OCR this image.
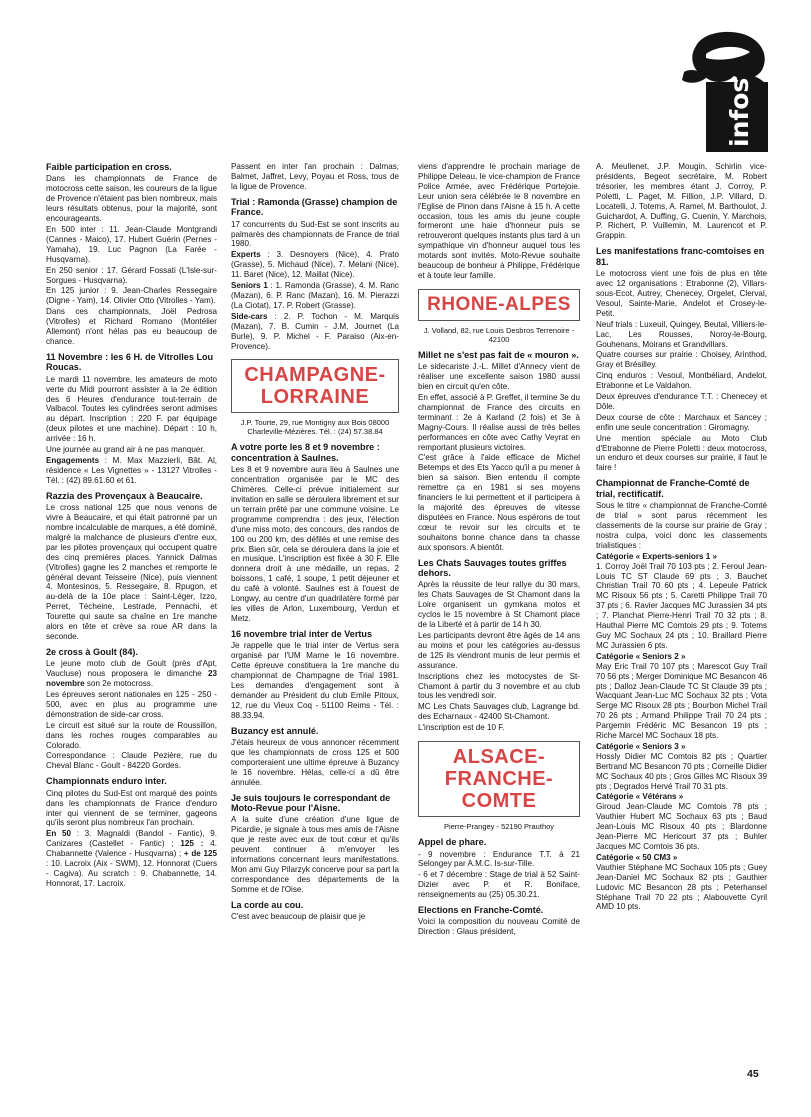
infos
Faible participation en cross.

Dans les championnats de France de motocross cette saison, les coureurs de la ligue de Provence n'étaient pas bien nombreux, mais leurs résultats obtenus, pour la majorité, sont encourageants.

En 500 inter : 11. Jean-Claude Montgrandi (Cannes - Maico), 17. Hubert Guérin (Pernes - Yamaha), 19. Luc Pagnon (La Farée - Husqvarna).

En 250 senior : 17. Gérard Fossati (L'Isle-sur-Sorgues - Husqvarna).

En 125 junior : 9. Jean-Charles Ressegaire (Digne - Yam), 14. Olivier Otto (Vitrolles - Yam).

Dans ces championnats, Joël Pedrosa (Vitrolles) et Richard Romano (Montélier Allemont) n'ont hélas pas eu beaucoup de chance.

11 Novembre : les 6 H. de Vitrolles Lou Roucas.

Le mardi 11 novembre, les amateurs de moto verte du Midi pourront assister à la 2e édition des 6 Heures d'endurance tout-terrain de Valbacol. Toutes les cylindrées seront admises au départ. Inscription : 220 F. par équipage (deux pilotes et une machine). Départ : 10 h, arrivée : 16 h.

Une journée au grand air à ne pas manquer.

Engagements : M. Max Mazzierli, Bât. Al, résidence « Les Vignettes » - 13127 Vitrolles - Tél. : (42) 89.61.60 et 61.

Razzia des Provençaux à Beaucaire.

Le cross national 125 que nous venons de vivre à Beaucaire, et qui était patronné par un nombre incalculable de marques, a été dominé, malgré la malchance de plusieurs d'entre eux, par les pilotes provençaux qui occupent quatre des cinq premières places. Yannick Dalmas (Vitrolles) gagne les 2 manches et remporte le général devant Teisseire (Nice), puis viennent 4. Montesinos, 5. Ressegaire, 8. Rpugon, et au-delà de la 10e place : Saint-Léger, Izzo, Perret, Técheine, Lestrade, Pennachi, et Tourette qui saute sa chaîne en 1re manche alors en tête et crève sa roue AR dans la seconde.

2e cross à Goult (84).

Le jeune moto club de Goult (près d'Apt, Vaucluse) nous proposera le dimanche 23 novembre son 2e motocross.

Les épreuves seront nationales en 125 - 250 - 500, avec en plus au programme une démonstration de side-car cross.

Le circuit est situé sur la route de Roussillon, dans les roches rouges comparables au Colorado.

Correspondance : Claude Pezière, rue du Cheval Blanc - Goult - 84220 Gordes.

Championnats enduro inter.

Cinq pilotes du Sud-Est ont marqué des points dans les championnats de France d'enduro inter qui viennent de se terminer, gageons qu'ils seront plus nombreux l'an prochain.

En 50 : 3. Magnaldi (Bandol - Fantic), 9. Canizares (Castellet - Fantic) ; 125 : 4. Chabannette (Valence - Husqvarna) ; + de 125 : 10. Lacroix (Aix - SWM), 12. Honnorat (Cuers - Cagiva). Au scratch : 9. Chabannette, 14. Honnorat, 17. Lacroix.

Passent en inter l'an prochain : Dalmas, Balmet, Jaffret, Levy, Poyau et Ross, tous de la ligue de Provence.

Trial : Ramonda (Grasse) champion de France.

17 concurrents du Sud-Est se sont inscrits au palmarès des championnats de France de trial 1980.

Experts : 3. Desnoyers (Nice), 4. Prato (Grasse), 5. Michaud (Nice), 7. Melani (Nice), 11. Baret (Nice), 12. Maillat (Nice).

Seniors 1 : 1. Ramonda (Grasse), 4. M. Ranc (Mazan), 6. P. Ranc (Mazan), 16. M. Pierazzi (La Ciotat), 17. P. Robert (Grasse).

Side-cars : 2. P. Tochon - M. Marquis (Mazan), 7. B. Cumin - J.M. Journet (La Burle), 9. P. Michel - F. Paraiso (Aix-en-Provence).

CHAMPAGNE-
LORRAINE

J.P. Tourte, 29, rue Montigny aux Bois 08000 Charleville-Mézières. Tél. : (24) 57.38.84

A votre porte les 8 et 9 novembre : concentration à Saulnes.

Les 8 et 9 novembre aura lieu à Saulnes une concentration organisée par le MC des Chimères. Celle-ci prévue initialement sur invitation en salle se déroulera librement et sur un terrain prêté par une commune voisine. Le programme comprendra : des jeux, l'élection d'une miss moto, des concours, des randos de 100 ou 200 km, des défilés et une remise des prix. Bien sûr, cela se déroulera dans la joie et en musique. L'inscription est fixée à 30 F. Elle donnera droit à une médaille, un repas, 2 boissons, 1 café, 1 soupe, 1 petit déjeuner et du café à volonté. Saulnes est à l'ouest de Longwy, au centre d'un quadrilatère formé par les villes de Arlon, Luxembourg, Verdun et Metz.

16 novembre trial inter de Vertus

Je rappelle que le trial inter de Vertus sera organisé par l'UM Marne le 16 novembre. Cette épreuve constituera la 1re manche du championnat de Champagne de Trial 1981. Les demandes d'engagement sont à demander au Président du club Emile Pitoux, 12, rue du Vieux Coq - 51100 Reims - Tél. : 88.33.94.

Buzancy est annulé.

J'étais heureux de vous annoncer récemment que les championnats de cross 125 et 500 comporteraient une ultime épreuve à Buzancy le 16 novembre. Hélas, celle-ci a dû être annulée.

Je suis toujours le correspondant de Moto-Revue pour l'Aisne.

A la suite d'une création d'une ligue de Picardie, je signale à tous mes amis de l'Aisne que je reste avec eux de tout cœur et qu'ils peuvent continuer à m'envoyer les informations concernant leurs manifestations. Mon ami Guy Pilarzyk concerve pour sa part la correspondance des départements de la Somme et de l'Oise.

La corde au cou.

C'est avec beaucoup de plaisir que je

viens d'apprendre le prochain mariage de Philippe Deleau, le vice-champion de France Police Armée, avec Frédérique Portejoie. Leur union sera célébrée le 8 novembre en l'Eglise de Pinon dans l'Aisne à 15 h. A cette occasion, tous les amis du jeune couple formeront une haie d'honneur puis se retrouveront quelques instants plus tard à un sympathique vin d'honneur auquel tous les motards sont invités. Moto-Revue souhaite beaucoup de bonheur à Philippe, Frédérique et à toute leur famille.

RHONE-ALPES

J. Volland, 82, rue Louis Desbros Terrenoire - 42100

Millet ne s'est pas fait de « mouron ».

Le sidecariste J.-L. Millet d'Annecy vient de réaliser une excellente saison 1980 aussi bien en circuit qu'en côte.

En effet, associé à P. Greffet, il termine 3e du championnat de France des circuits en terminant : 2e à Karland (2 fois) et 3e à Magny-Cours. Il réalise aussi de très belles performances en côte avec Cathy Veyrat en remportant plusieurs victoires.

C'est grâce à l'aide efficace de Michel Betemps et des Ets Yacco qu'il a pu mener à bien sa saison. Bien entendu il compte remettre ça en 1981 si ses moyens financiers le lui permettent et il participera à la majorité des épreuves de vitesse disputées en France. Nous espérons de tout cœur te revoir sur les circuits et te souhaitons bonne chance dans ta chasse aux sponsors. A bientôt.

Les Chats Sauvages toutes griffes dehors.

Après la réussite de leur rallye du 30 mars, les Chats Sauvages de St Chamont dans la Loire organisent un gymkana motos et cyclos le 15 novembre à St Chamont place de la Liberté et à partir de 14 h 30.

Les participants devront être âgés de 14 ans au moins et pour les catégories au-dessus de 125 ils viendront munis de leur permis et assurance.

Inscriptions chez les motocystes de St-Chamont à partir du 3 novembre et au club tous les vendredi soir.

MC Les Chats Sauvages club, Lagrange bd. des Echarnaux - 42400 St-Chamont.

L'inscription est de 10 F.

ALSACE-
FRANCHE-
COMTE

Pierre-Prangey - 52190 Prauthoy

Appel de phare.

- 9 novembre : Endurance T.T. à 21 Selongey par A.M.C. Is-sur-Tille.

- 6 et 7 décembre : Stage de trial à 52 Saint-Dizier avec P. et R. Boniface, renseignements au (25) 05.30.21.

Elections en Franche-Comté.

Voici la composition du nouveau Comité de Direction : Glaus président,

A. Meullenet, J.P. Mougin, Schirlin vice-présidents, Begeot secrétaire, M. Robert trésorier, les membres étant J. Corroy, P. Poletti, L. Paget, M. Fillion, J.P. Villard, D. Locatelli, J. Totems, A. Ramel, M. Barthoulot, J. Guichardot, A. Duffing, G. Cuenin, Y. Marchois, P. Richert, P. Vuillemin, M. Laurencot et P. Grappin.

Les manifestations franc-comtoises en 81.

Le motocross vient une fois de plus en tête avec 12 organisations : Etrabonne (2), Villars-sous-Ecot, Autrey, Chenecey, Orgelet, Clerval, Vesoul, Sainte-Marie, Andelot et Crosey-le-Petit.

Neuf trials : Luxeuil, Quingey, Beutal, Villiers-le-Lac, Les Rousses, Noroy-le-Bourg, Gouhenans, Moirans et Grandvillars.

Quatre courses sur prairie : Choisey, Arinthod, Gray et Brésilley.

Cinq enduros : Vesoul, Montbéliard, Andelot, Etrabonne et Le Valdahon.

Deux épreuves d'endurance T.T. : Chenecey et Dôle.

Deux course de côte : Marchaux et Sancey ; enfin une seule concentration : Giromagny.

Une mention spéciale au Moto Club d'Etrabonne de Pierre Poletti : deux motocross, un enduro et deux courses sur prairie, il faut le faire !

Championnat de Franche-Comté de trial, rectificatif.

Sous le titre « championnat de Franche-Comté de trial » sont parus récemment les classements de la course sur prairie de Gray ; nostra culpa, voici donc les classements trialistiques :

Catégorie « Experts-seniors 1 »

1. Corroy Joël Trail 70 103 pts ; 2. Feroul Jean-Louis TC ST Claude 69 pts ; 3. Bauchet Christian Trail 70 60 pts ; 4. Lepeule Patrick MC Risoux 56 pts ; 5. Caretti Philippe Trail 70 37 pts ; 6. Ravier Jacques MC Jurassien 34 pts ; 7. Planchat Pierre-Henri Trail 70 32 pts ; 8. Hauthal Pierre MC Comtois 29 pts ; 9. Totems Guy MC Sochaux 24 pts ; 10. Braillard Pierre MC Jurassien 6 pts.

Catégorie « Seniors 2 »

May Eric Trail 70 107 pts ; Marescot Guy Trail 70 56 pts ; Merger Dominique MC Besancon 46 pts ; Dalloz Jean-Claude TC St Claude 39 pts ; Wacquant Jean-Luc MC Sochaux 32 pts ; Vota Serge MC Risoux 28 pts ; Bourbon Michel Trail 70 26 pts ; Armand Philippe Trail 70 24 pts ; Pargemin Frédéric MC Besancon 19 pts ; Riche Marcel MC Sochaux 18 pts.

Catégorie « Seniors 3 »

Hossly Didier MC Comtois 82 pts ; Quartier Bertrand MC Besancon 70 pts ; Corneille Didier MC Sochaux 40 pts ; Gros Gilles MC Risoux 39 pts ; Degrados Hervé Trail 70 31 pts.

Catégorie « Vétérans »

Giroud Jean-Claude MC Comtois 78 pts ; Vauthier Hubert MC Sochaux 63 pts ; Baud Jean-Louis MC Risoux 40 pts ; Blardonne Jean-Pierre MC Hericourt 37 pts ; Buhler Jacques MC Comtois 36 pts.

Catégorie « 50 CM3 »

Vauthier Stéphane MC Sochaux 105 pts ; Guey Jean-Daniel MC Sochaux 82 pts ; Gauthier Ludovic MC Besancon 28 pts ; Peterhansel Stéphane Trail 70 22 pts ; Alabouvette Cyril AMD 10 pts.

45
